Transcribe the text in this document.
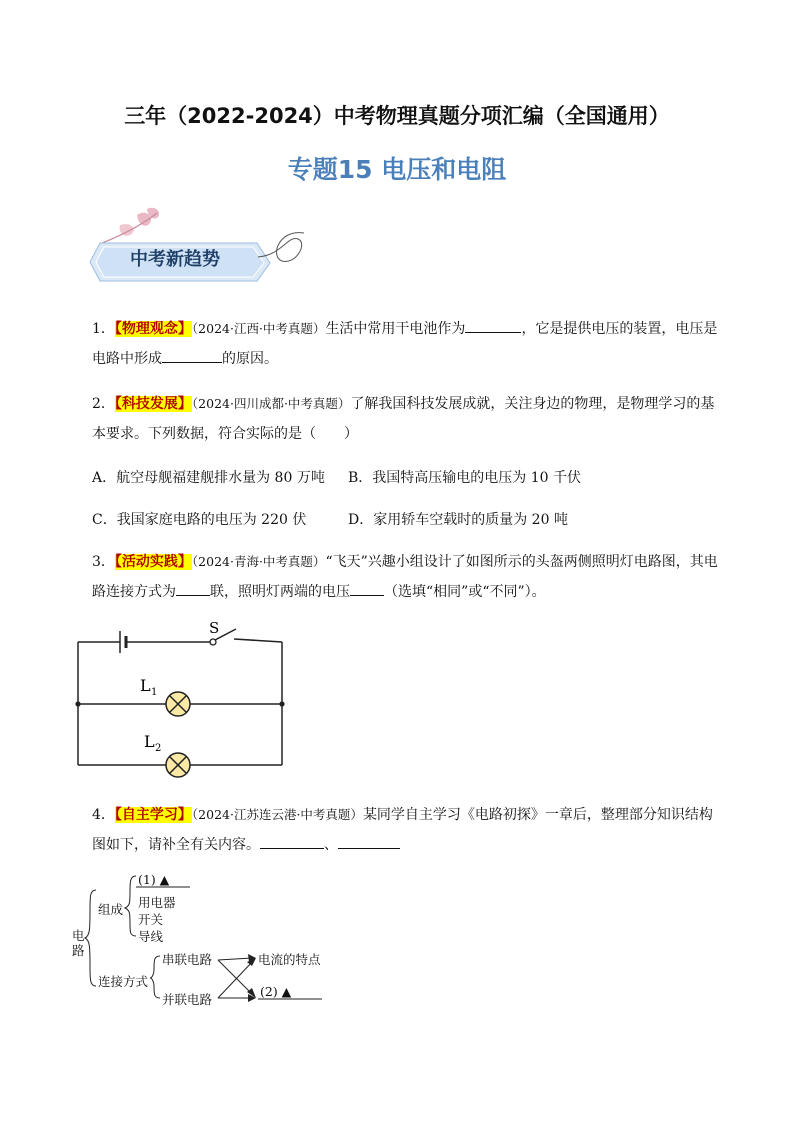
三年（2022-2024）中考物理真题分项汇编（全国通用）
专题15 电压和电阻
中考新趋势
1．【物理观念】（2024·江西·中考真题）生活中常用干电池作为	，它是提供电压的装置，电压是
电路中形成	的原因。
2．【科技发展】（2024·四川成都·中考真题）了解我国科技发展成就，关注身边的物理，是物理学习的基
本要求。下列数据，符合实际的是（　　）
A．航空母舰福建舰排水量为 80 万吨 B．我国特高压输电的电压为 10 千伏
C．我国家庭电路的电压为 220 伏	D．家用轿车空载时的质量为 20 吨
3．【活动实践】（2024·青海·中考真题）“飞天”兴趣小组设计了如图所示的头盔两侧照明灯电路图，其电
路连接方式为 联，照明灯两端的电压 （选填“相同”或“不同”）。
S
L 1
L 2
4．【自主学习】（2024·江苏连云港·中考真题）某同学自主学习《电路初探》一章后，整理部分知识结构
图如下，请补全有关内容。	、
电路
组成
(1) ▲
用电器
开关
导线
连接方式
串联电路
并联电路
电流的特点
(2) ▲
